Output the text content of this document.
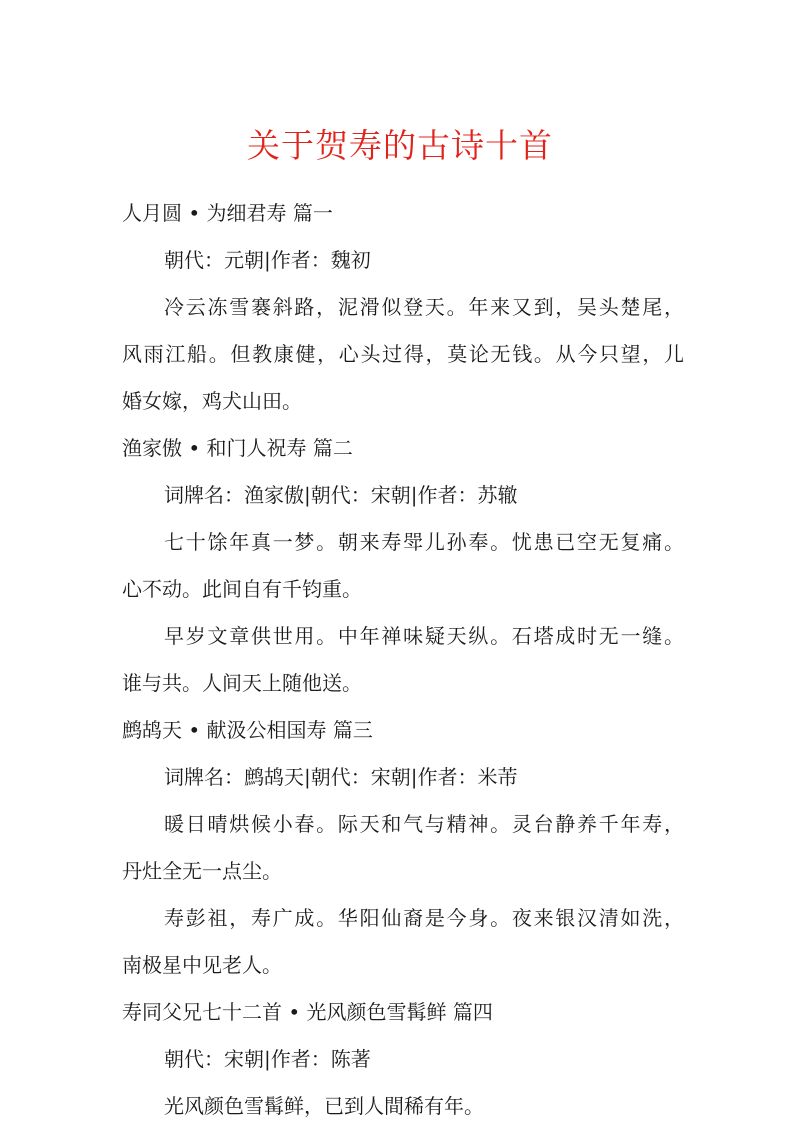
关于贺寿的古诗十首
人月圆 • 为细君寿 篇一
朝代：元朝|作者：魏初
冷云冻雪褰斜路，泥滑似登天。年来又到，吴头楚尾，
风雨江船。但教康健，心头过得，莫论无钱。从今只望，儿
婚女嫁，鸡犬山田。
渔家傲 • 和门人祝寿 篇二
词牌名：渔家傲|朝代：宋朝|作者：苏辙
七十馀年真一梦。朝来寿斝儿孙奉。忧患已空无复痛。
心不动。此间自有千钧重。
早岁文章供世用。中年禅味疑天纵。石塔成时无一缝。
谁与共。人间天上随他送。
鹧鸪天 • 献汲公相国寿 篇三
词牌名：鹧鸪天|朝代：宋朝|作者：米芾
暖日晴烘候小春。际天和气与精神。灵台静养千年寿，
丹灶全无一点尘。
寿彭祖，寿广成。华阳仙裔是今身。夜来银汉清如洗，
南极星中见老人。
寿同父兄七十二首 • 光风颜色雪髯鲜 篇四
朝代：宋朝|作者：陈著
光风颜色雪髯鲜，已到人間稀有年。
